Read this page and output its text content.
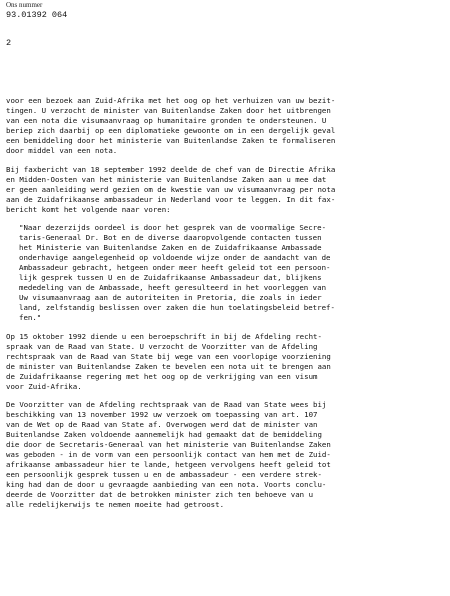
Ons nummer
93.01392 064
2
voor een bezoek aan Zuid-Afrika met het oog op het verhuizen van uw bezit-
tingen. U verzocht de minister van Buitenlandse Zaken door het uitbrengen
van een nota die visumaanvraag op humanitaire gronden te ondersteunen. U
beriep zich daarbij op een diplomatieke gewoonte om in een dergelijk geval
een bemiddeling door het ministerie van Buitenlandse Zaken te formaliseren
door middel van een nota.
Bij faxbericht van 18 september 1992 deelde de chef van de Directie Afrika
en Midden-Oosten van het ministerie van Buitenlandse Zaken aan u mee dat
er geen aanleiding werd gezien om de kwestie van uw visumaanvraag per nota
aan de Zuidafrikaanse ambassadeur in Nederland voor te leggen. In dit fax-
bericht komt het volgende naar voren:
"Naar dezerzijds oordeel is door het gesprek van de voormalige Secre-
taris-Generaal Dr. Bot en de diverse daaropvolgende contacten tussen
het Ministerie van Buitenlandse Zaken en de Zuidafrikaanse Ambassade
onderhavige aangelegenheid op voldoende wijze onder de aandacht van de
Ambassadeur gebracht, hetgeen onder meer heeft geleid tot een persoon-
lijk gesprek tussen U en de Zuidafrikaanse Ambassadeur dat, blijkens
mededeling van de Ambassade, heeft geresulteerd in het voorleggen van
Uw visumaanvraag aan de autoriteiten in Pretoria, die zoals in ieder
land, zelfstandig beslissen over zaken die hun toelatingsbeleid betref-
fen."
Op 15 oktober 1992 diende u een beroepschrift in bij de Afdeling recht-
spraak van de Raad van State. U verzocht de Voorzitter van de Afdeling
rechtspraak van de Raad van State bij wege van een voorlopige voorziening
de minister van Buitenlandse Zaken te bevelen een nota uit te brengen aan
de Zuidafrikaanse regering met het oog op de verkrijging van een visum
voor Zuid-Afrika.
De Voorzitter van de Afdeling rechtspraak van de Raad van State wees bij
beschikking van 13 november 1992 uw verzoek om toepassing van art. 107
van de Wet op de Raad van State af. Overwogen werd dat de minister van
Buitenlandse Zaken voldoende aannemelijk had gemaakt dat de bemiddeling
die door de Secretaris-Generaal van het ministerie van Buitenlandse Zaken
was geboden - in de vorm van een persoonlijk contact van hem met de Zuid-
afrikaanse ambassadeur hier te lande, hetgeen vervolgens heeft geleid tot
een persoonlijk gesprek tussen u en de ambassadeur - een verdere strek-
king had dan de door u gevraagde aanbieding van een nota. Voorts conclu-
deerde de Voorzitter dat de betrokken minister zich ten behoeve van u
alle redelijkerwijs te nemen moeite had getroost.
